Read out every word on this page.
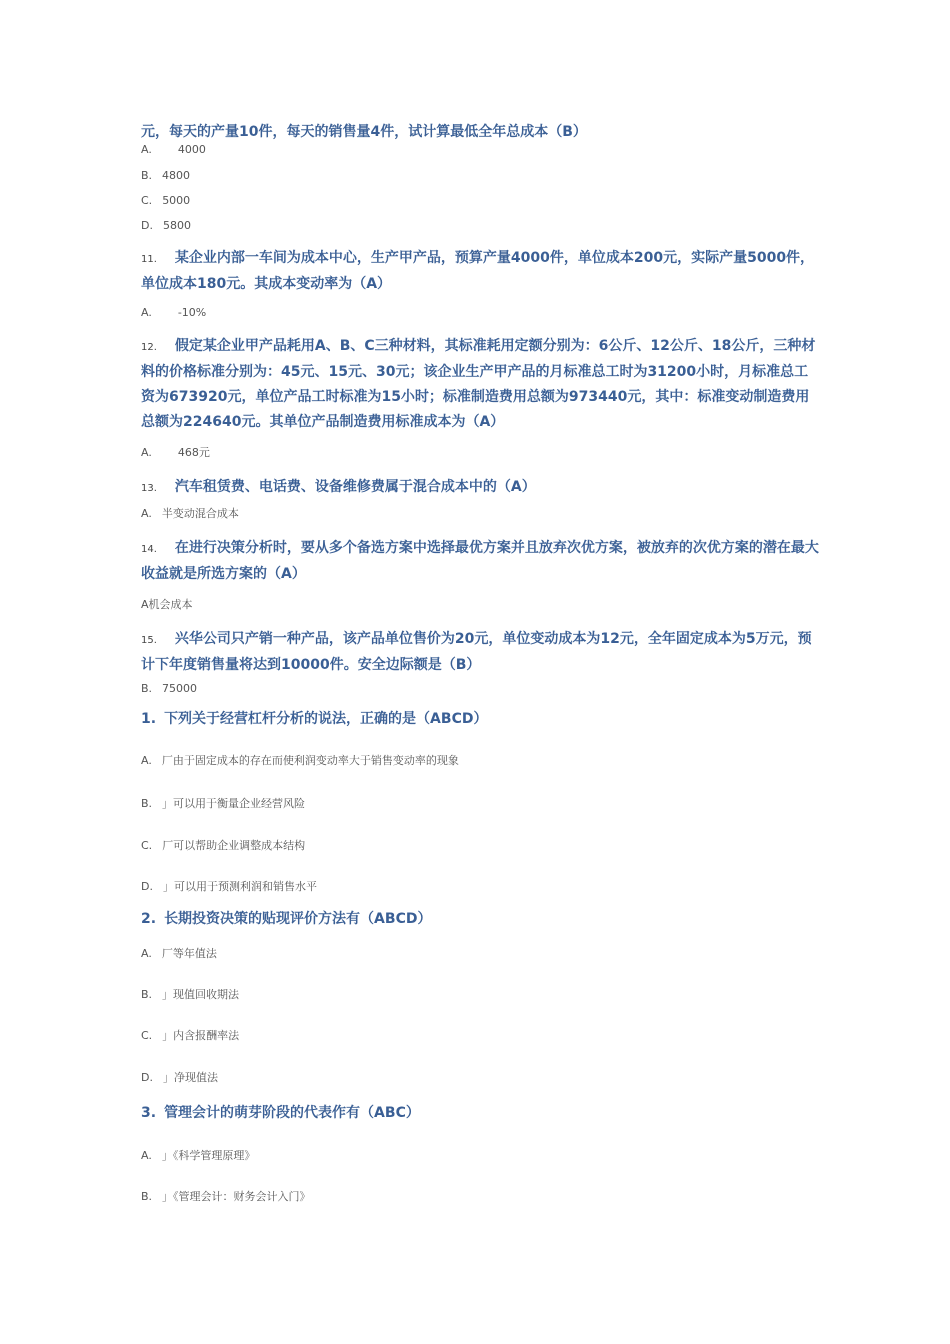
元，每天的产量10件，每天的销售量4件，试计算最低全年总成本（B）

A. 4000

B. 4800

C. 5000

D. 5800

11. 某企业内部一车间为成本中心，生产甲产品，预算产量4000件，单位成本200元，实际产量5000件，单位成本180元。其成本变动率为（A）

A. -10%

12. 假定某企业甲产品耗用A、B、C三种材料，其标准耗用定额分别为：6公斤、12公斤、18公斤，三种材料的价格标准分别为：45元、15元、30元；该企业生产甲产品的月标准总工时为31200小时，月标准总工资为673920元，单位产品工时标准为15小时；标准制造费用总额为973440元，其中：标准变动制造费用总额为224640元。其单位产品制造费用标准成本为（A）

A. 468元

13. 汽车租赁费、电话费、设备维修费属于混合成本中的（A）

A. 半变动混合成本

14. 在进行决策分析时，要从多个备选方案中选择最优方案并且放弃次优方案，被放弃的次优方案的潜在最大收益就是所选方案的（A）

A机会成本

15. 兴华公司只产销一种产品，该产品单位售价为20元，单位变动成本为12元，全年固定成本为5万元，预计下年度销售量将达到10000件。安全边际额是（B）

B. 75000

1. 下列关于经营杠杆分析的说法，正确的是（ABCD）

A. 厂由于固定成本的存在而使利润变动率大于销售变动率的现象

B. 」可以用于衡量企业经营风险

C. 厂可以帮助企业调整成本结构

D. 」可以用于预测利润和销售水平

2. 长期投资决策的贴现评价方法有（ABCD）

A. 厂等年值法

B. 」现值回收期法

C. 」内含报酬率法

D. 」净现值法

3. 管理会计的萌芽阶段的代表作有（ABC）

A. 」《科学管理原理》

B. 」《管理会计：财务会计入门》
